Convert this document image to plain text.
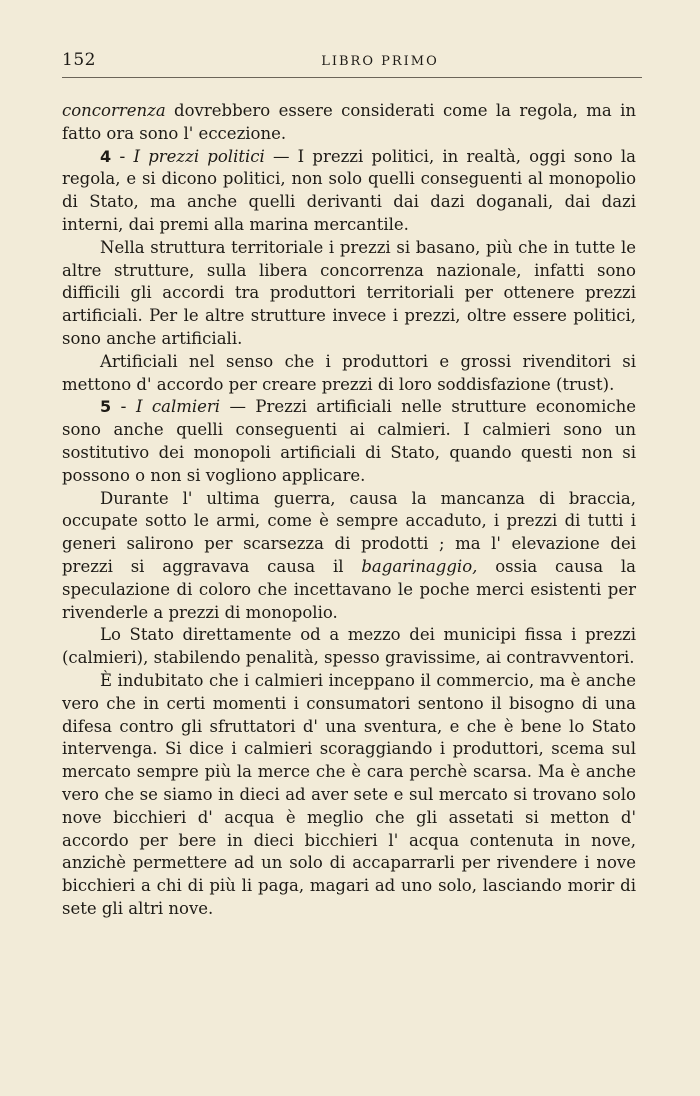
152	LIBRO PRIMO

concorrenza dovrebbero essere considerati come la regola, ma in fatto ora sono l' eccezione.

4 - I prezzi politici — I prezzi politici, in realtà, oggi sono la regola, e si dicono politici, non solo quelli conseguenti al monopolio di Stato, ma anche quelli derivanti dai dazi doganali, dai dazi interni, dai premi alla marina mercantile.

Nella struttura territoriale i prezzi si basano, più che in tutte le altre strutture, sulla libera concorrenza nazionale, infatti sono difficili gli accordi tra produttori territoriali per ottenere prezzi artificiali. Per le altre strutture invece i prezzi, oltre essere politici, sono anche artificiali.

Artificiali nel senso che i produttori e grossi rivenditori si mettono d' accordo per creare prezzi di loro soddisfazione (trust).

5 - I calmieri — Prezzi artificiali nelle strutture economiche sono anche quelli conseguenti ai calmieri. I calmieri sono un sostitutivo dei monopoli artificiali di Stato, quando questi non si possono o non si vogliono applicare.

Durante l' ultima guerra, causa la mancanza di braccia, occupate sotto le armi, come è sempre accaduto, i prezzi di tutti i generi salirono per scarsezza di prodotti ; ma l' elevazione dei prezzi si aggravava causa il bagarinaggio, ossia causa la speculazione di coloro che incettavano le poche merci esistenti per rivenderle a prezzi di monopolio.

Lo Stato direttamente od a mezzo dei municipi fissa i prezzi (calmieri), stabilendo penalità, spesso gravissime, ai contravventori.

È indubitato che i calmieri inceppano il commercio, ma è anche vero che in certi momenti i consumatori sentono il bisogno di una difesa contro gli sfruttatori d' una sventura, e che è bene lo Stato intervenga. Si dice i calmieri scoraggiando i produttori, scema sul mercato sempre più la merce che è cara perchè scarsa. Ma è anche vero che se siamo in dieci ad aver sete e sul mercato si trovano solo nove bicchieri d' acqua è meglio che gli assetati si metton d' accordo per bere in dieci bicchieri l' acqua contenuta in nove, anzichè permettere ad un solo di accaparrarli per rivendere i nove bicchieri a chi di più li paga, magari ad uno solo, lasciando morir di sete gli altri nove.
